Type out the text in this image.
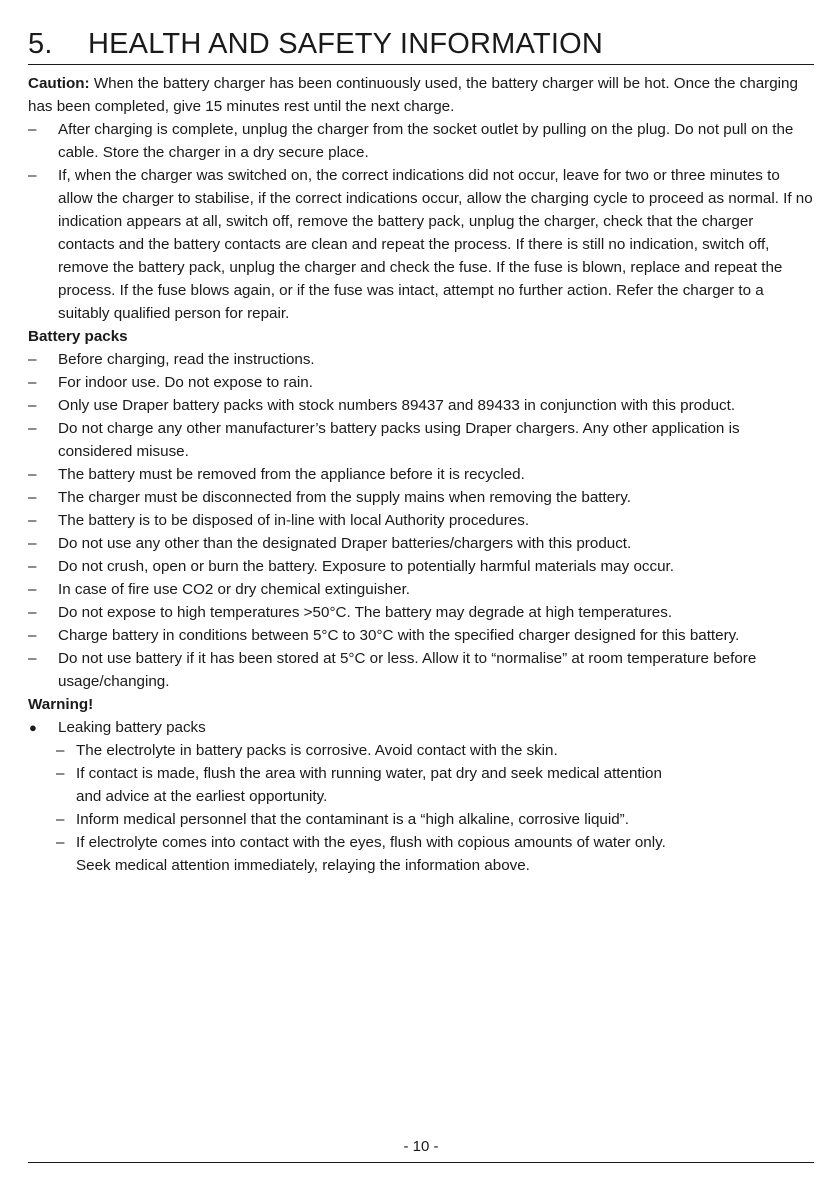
5. HEALTH AND SAFETY INFORMATION

Caution: When the battery charger has been continuously used, the battery charger will be hot. Once the charging has been completed, give 15 minutes rest until the next charge.

– After charging is complete, unplug the charger from the socket outlet by pulling on the plug. Do not pull on the cable. Store the charger in a dry secure place.
– If, when the charger was switched on, the correct indications did not occur, leave for two or three minutes to allow the charger to stabilise, if the correct indications occur, allow the charging cycle to proceed as normal. If no indication appears at all, switch off, remove the battery pack, unplug the charger, check that the charger contacts and the battery contacts are clean and repeat the process. If there is still no indication, switch off, remove the battery pack, unplug the charger and check the fuse. If the fuse is blown, replace and repeat the process. If the fuse blows again, or if the fuse was intact, attempt no further action. Refer the charger to a suitably qualified person for repair.

Battery packs

– Before charging, read the instructions.
– For indoor use. Do not expose to rain.
– Only use Draper battery packs with stock numbers 89437 and 89433 in conjunction with this product.
– Do not charge any other manufacturer’s battery packs using Draper chargers. Any other application is considered misuse.
– The battery must be removed from the appliance before it is recycled.
– The charger must be disconnected from the supply mains when removing the battery.
– The battery is to be disposed of in-line with local Authority procedures.
– Do not use any other than the designated Draper batteries/chargers with this product.
– Do not crush, open or burn the battery. Exposure to potentially harmful materials may occur.
– In case of fire use CO2 or dry chemical extinguisher.
– Do not expose to high temperatures >50°C. The battery may degrade at high temperatures.
– Charge battery in conditions between 5°C to 30°C with the specified charger designed for this battery.
– Do not use battery if it has been stored at 5°C or less. Allow it to “normalise” at room temperature before usage/changing.

Warning!

● Leaking battery packs
– The electrolyte in battery packs is corrosive. Avoid contact with the skin.
– If contact is made, flush the area with running water, pat dry and seek medical attention and advice at the earliest opportunity.
– Inform medical personnel that the contaminant is a “high alkaline, corrosive liquid”.
– If electrolyte comes into contact with the eyes, flush with copious amounts of water only. Seek medical attention immediately, relaying the information above.
- 10 -
